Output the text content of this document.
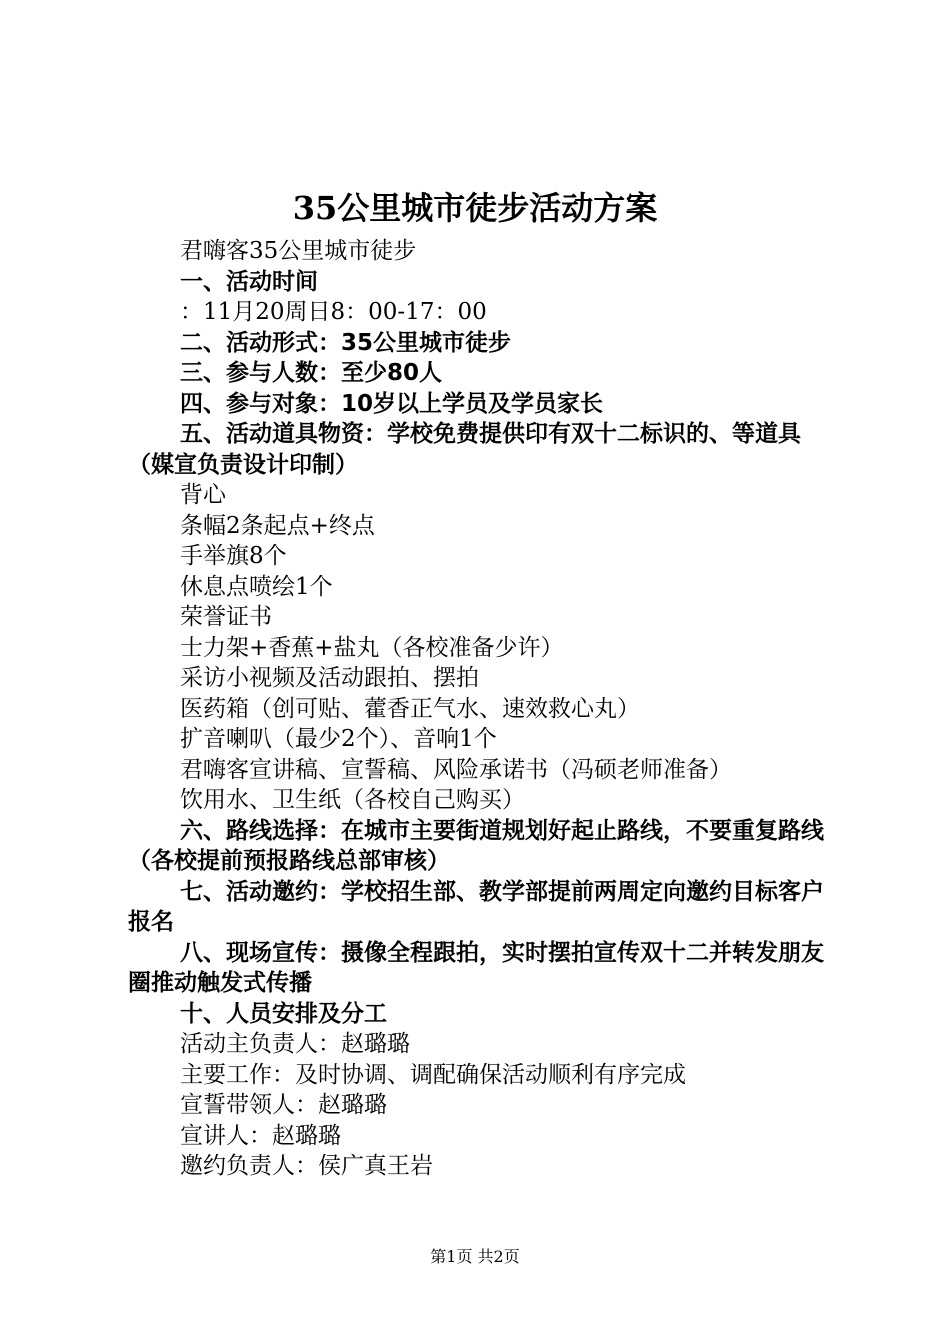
35公里城市徒步活动方案
君嗨客35公里城市徒步
一、活动时间
：11月20周日8：00-17：00
二、活动形式：35公里城市徒步
三、参与人数：至少80人
四、参与对象：10岁以上学员及学员家长
五、活动道具物资：学校免费提供印有双十二标识的、等道具（媒宣负责设计印制）
背心
条幅2条起点+终点
手举旗8个
休息点喷绘1个
荣誉证书
士力架+香蕉+盐丸（各校准备少许）
采访小视频及活动跟拍、摆拍
医药箱（创可贴、藿香正气水、速效救心丸）
扩音喇叭（最少2个）、音响1个
君嗨客宣讲稿、宣誓稿、风险承诺书（冯硕老师准备）
饮用水、卫生纸（各校自己购买）
六、路线选择：在城市主要街道规划好起止路线，不要重复路线（各校提前预报路线总部审核）
七、活动邀约：学校招生部、教学部提前两周定向邀约目标客户报名
八、现场宣传：摄像全程跟拍，实时摆拍宣传双十二并转发朋友圈推动触发式传播
十、人员安排及分工
活动主负责人：赵璐璐
主要工作：及时协调、调配确保活动顺利有序完成
宣誓带领人：赵璐璐
宣讲人：赵璐璐
邀约负责人：侯广真王岩
第1页 共2页
